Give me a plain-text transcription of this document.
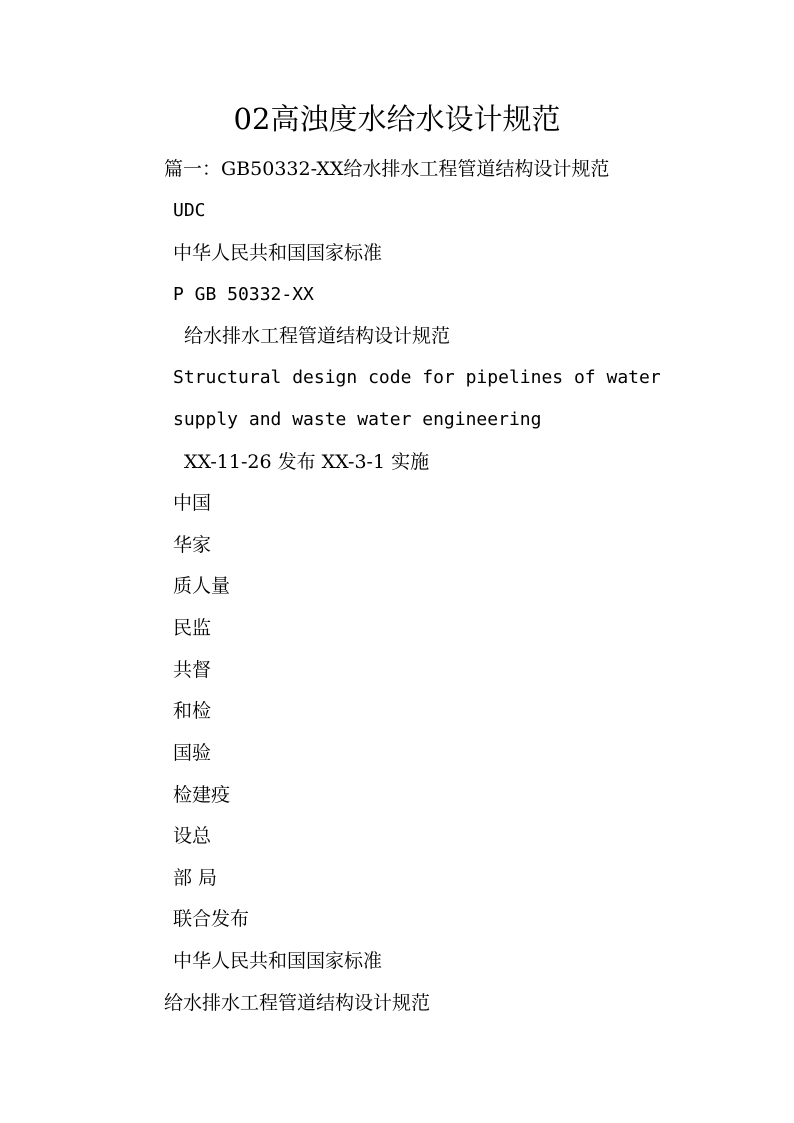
02高浊度水给水设计规范
篇一：GB50332-XX给水排水工程管道结构设计规范
UDC
中华人民共和国国家标准
P GB 50332-XX
给水排水工程管道结构设计规范
Structural design code for pipelines of water
supply and waste water engineering
XX-11-26 发布 XX-3-1 实施
中国
华家
质人量
民监
共督
和检
国验
检建疫
设总
部 局
联合发布
中华人民共和国国家标准
给水排水工程管道结构设计规范
